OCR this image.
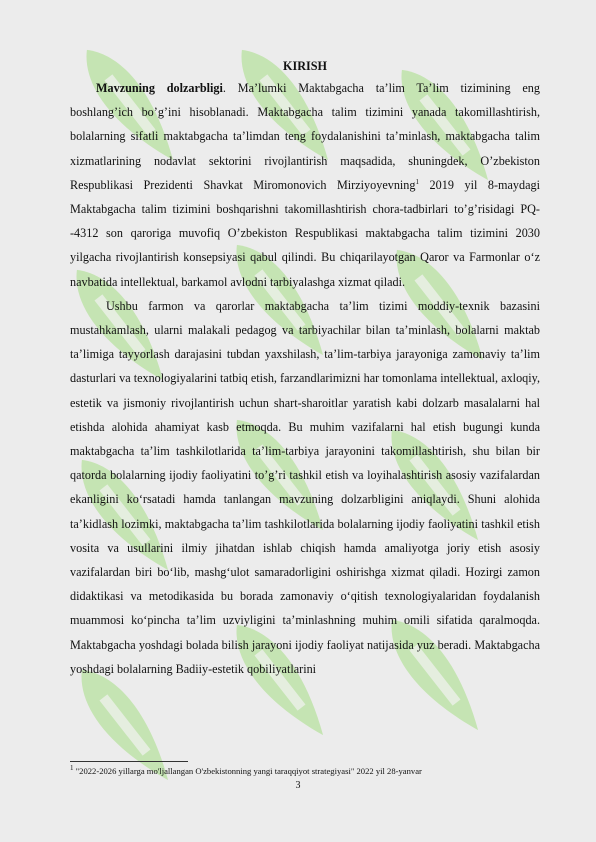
KIRISH

Mavzuning dolzarbligi. Ma’lumki Maktabgacha ta’lim Ta’lim tizimining eng boshlang’ich bo’g’ini hisoblanadi. Maktabgacha talim tizimini yanada takomillashtirish, bolalarning sifatli maktabgacha ta’limdan teng foydalanishini ta’minlash, maktabgacha talim xizmatlarining nodavlat sektorini rivojlantirish maqsadida, shuningdek, O’zbekiston Respublikasi Prezidenti Shavkat Miromonovich Mirziyoyevning$^1$ 2019 yil 8-maydagi Maktabgacha talim tizimini boshqarishni takomillashtirish chora-tadbirlari to’g’risidagi PQ--4312 son qaroriga muvofiq O’zbekiston Respublikasi maktabgacha talim tizimini 2030 yilgacha rivojlantirish konsepsiyasi qabul qilindi. Bu chiqarilayotgan Qaror va Farmonlar o‘z navbatida intellektual, barkamol avlodni tarbiyalashga xizmat qiladi.

Ushbu farmon va qarorlar maktabgacha ta’lim tizimi moddiy-texnik bazasini mustahkamlash, ularni malakali pedagog va tarbiyachilar bilan ta’minlash, bolalarni maktab ta’limiga tayyorlash darajasini tubdan yaxshilash, ta’lim-tarbiya jarayoniga zamonaviy ta’lim dasturlari va texnologiyalarini tatbiq etish, farzandlarimizni har tomonlama intellektual, axloqiy, estetik va jismoniy rivojlantirish uchun shart-sharoitlar yaratish kabi dolzarb masalalarni hal etishda alohida ahamiyat kasb etmoqda. Bu muhim vazifalarni hal etish bugungi kunda maktabgacha ta’lim tashkilotlarida ta’lim-tarbiya jarayonini takomillashtirish, shu bilan bir qatorda bolalarning ijodiy faoliyatini to’g’ri tashkil etish va loyihalashtirish asosiy vazifalardan ekanligini ko‘rsatadi hamda tanlangan mavzuning dolzarbligini aniqlaydi. Shuni alohida ta’kidlash lozimki, maktabgacha ta’lim tashkilotlarida bolalarning ijodiy faoliyatini tashkil etish vosita va usullarini ilmiy jihatdan ishlab chiqish hamda amaliyotga joriy etish asosiy vazifalardan biri bo‘lib, mashg‘ulot samaradorligini oshirishga xizmat qiladi. Hozirgi zamon didaktikasi va metodikasida bu borada zamonaviy o‘qitish texnologiyalaridan foydalanish muammosi ko‘pincha ta’lim uzviyligini ta’minlashning muhim omili sifatida qaralmoqda. Maktabgacha yoshdagi bolada bilish jarayoni ijodiy faoliyat natijasida yuz beradi. Maktabgacha yoshdagi bolalarning Badiiy-estetik qobiliyatlarini

$^1$ "2022-2026 yillarga mo'ljallangan O'zbekistonning yangi taraqqiyot strategiyasi" 2022 yil 28-yanvar
3
